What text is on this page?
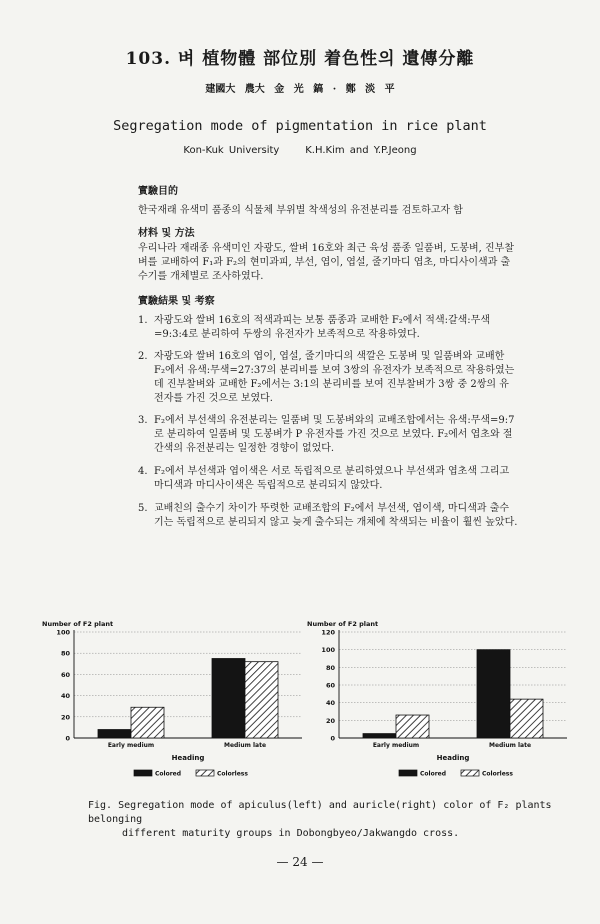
103. 벼 植物體 部位別 着色性의 遺傳分離
建國大 農大 金 光 鎬 · 鄭 淡 平
Segregation mode of pigmentation in rice plant
Kon-Kuk University	K.H.Kim and Y.P.Jeong
實驗目的
한국재래 유색미 품종의 식물체 부위별 착색성의 유전분리를 검토하고자 함
材料 및 方法
우리나라 재래종 유색미인 자광도, 쌀벼 16호와 최근 육성 품종 일품벼, 도봉벼, 진부찰벼를 교배하여 F₁과 F₂의 현미과피, 부선, 엽이, 엽설, 줄기마디 엽초, 마디사이색과 출수기를 개체별로 조사하였다.
實驗結果 및 考察
1. 자광도와 쌀벼 16호의 적색과피는 보통 품종과 교배한 F₂에서 적색:갈색:무색=9:3:4로 분리하여 두쌍의 유전자가 보족적으로 작용하였다.
2. 자광도와 쌀벼 16호의 엽이, 엽설, 줄기마디의 색깔은 도봉벼 및 일품벼와 교배한 F₂에서 유색:무색=27:37의 분리비를 보여 3쌍의 유전자가 보족적으로 작용하였는데 진부찰벼와 교배한 F₂에서는 3:1의 분리비를 보여 진부찰벼가 3쌍 중 2쌍의 유전자를 가진 것으로 보였다.
3. F₂에서 부선색의 유전분리는 일품벼 및 도봉벼와의 교배조합에서는 유색:무색=9:7로 분리하여 일품벼 및 도봉벼가 P 유전자를 가진 것으로 보였다. F₂에서 엽초와 절간색의 유전분리는 일정한 경향이 없었다.
4. F₂에서 부선색과 엽이색은 서로 독립적으로 분리하였으나 부선색과 엽초색 그리고 마디색과 마디사이색은 독립적으로 분리되지 않았다.
5. 교배친의 출수기 차이가 뚜렷한 교배조합의 F₂에서 부선색, 엽이색, 마디색과 출수기는 독립적으로 분리되지 않고 늦게 출수되는 개체에 착색되는 비율이 훨씬 높았다.
Number of F2 plant
0
20
40
60
80
100
Early medium	Medium late
Heading
Colored	Colorless
Number of F2 plant
0
20
40
60
80
100
120
Early medium	Medium late
Heading
Colored	Colorless
Fig. Segregation mode of apiculus(left) and auricle(right) color of F₂ plants belonging
different maturity groups in Dobongbyeo/Jakwangdo cross.
— 24 —
